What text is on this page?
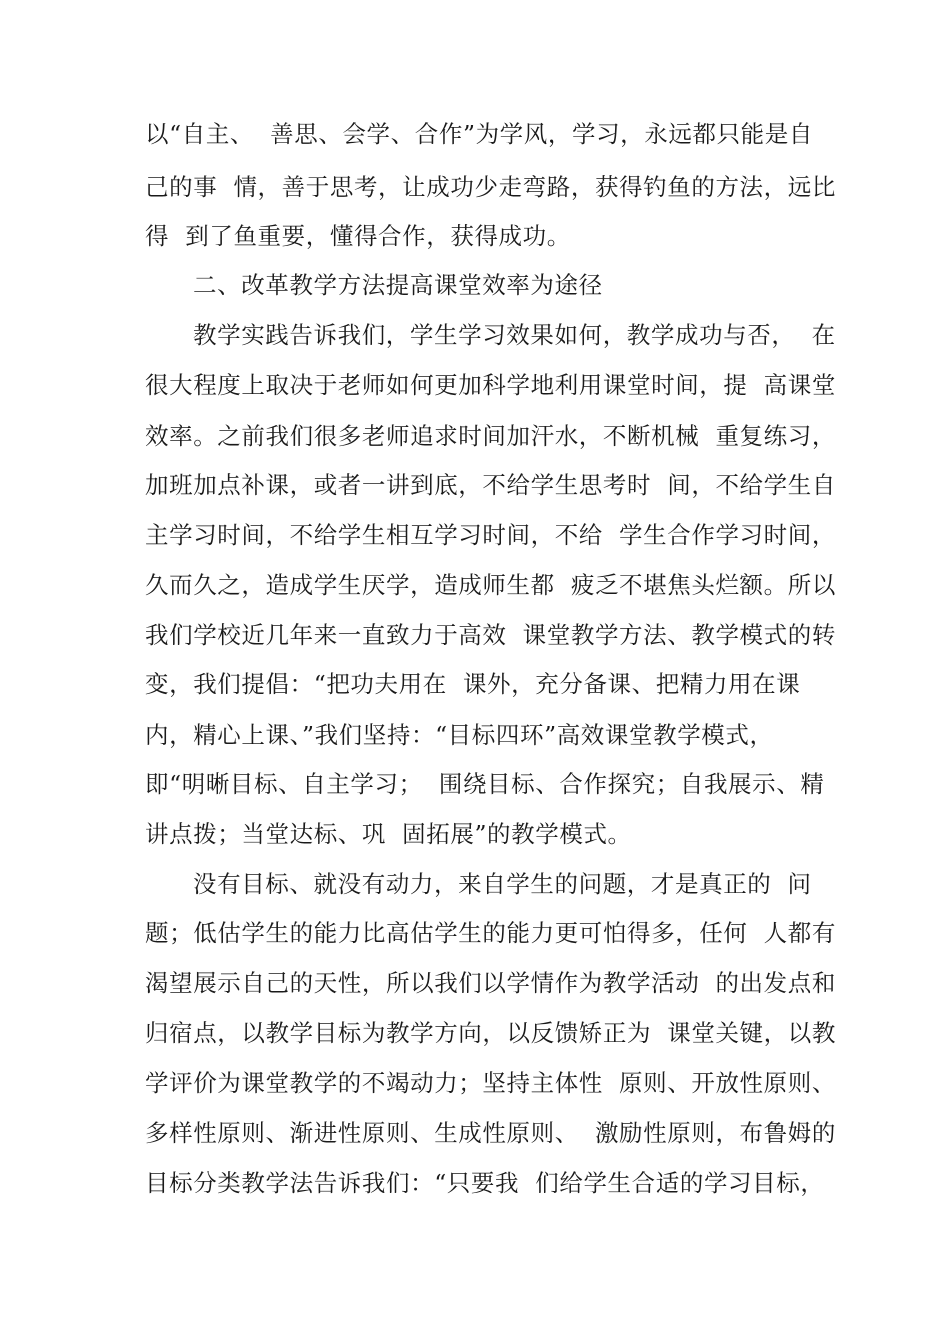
以“自主、  善思、会学、合作”为学风，学习，永远都只能是自
己的事  情，善于思考，让成功少走弯路，获得钓鱼的方法，远比
得  到了鱼重要，懂得合作，获得成功。
二、改革教学方法提高课堂效率为途径
教学实践告诉我们，学生学习效果如何，教学成功与否，  在
很大程度上取决于老师如何更加科学地利用课堂时间，提  高课堂
效率。之前我们很多老师追求时间加汗水，不断机械  重复练习，
加班加点补课，或者一讲到底，不给学生思考时  间，不给学生自
主学习时间，不给学生相互学习时间，不给  学生合作学习时间，
久而久之，造成学生厌学，造成师生都  疲乏不堪焦头烂额。所以
我们学校近几年来一直致力于高效  课堂教学方法、教学模式的转
变，我们提倡：“把功夫用在  课外，充分备课、把精力用在课
内，精心上课、”我们坚持：“目标四环”高效课堂教学模式，
即“明晰目标、自主学习；  围绕目标、合作探究；自我展示、精
讲点拨；当堂达标、巩  固拓展”的教学模式。
没有目标、就没有动力，来自学生的问题，才是真正的  问
题；低估学生的能力比高估学生的能力更可怕得多，任何  人都有
渴望展示自己的天性，所以我们以学情作为教学活动  的出发点和
归宿点，以教学目标为教学方向，以反馈矫正为  课堂关键，以教
学评价为课堂教学的不竭动力；坚持主体性  原则、开放性原则、
多样性原则、渐进性原则、生成性原则、  激励性原则，布鲁姆的
目标分类教学法告诉我们：“只要我  们给学生合适的学习目标，
